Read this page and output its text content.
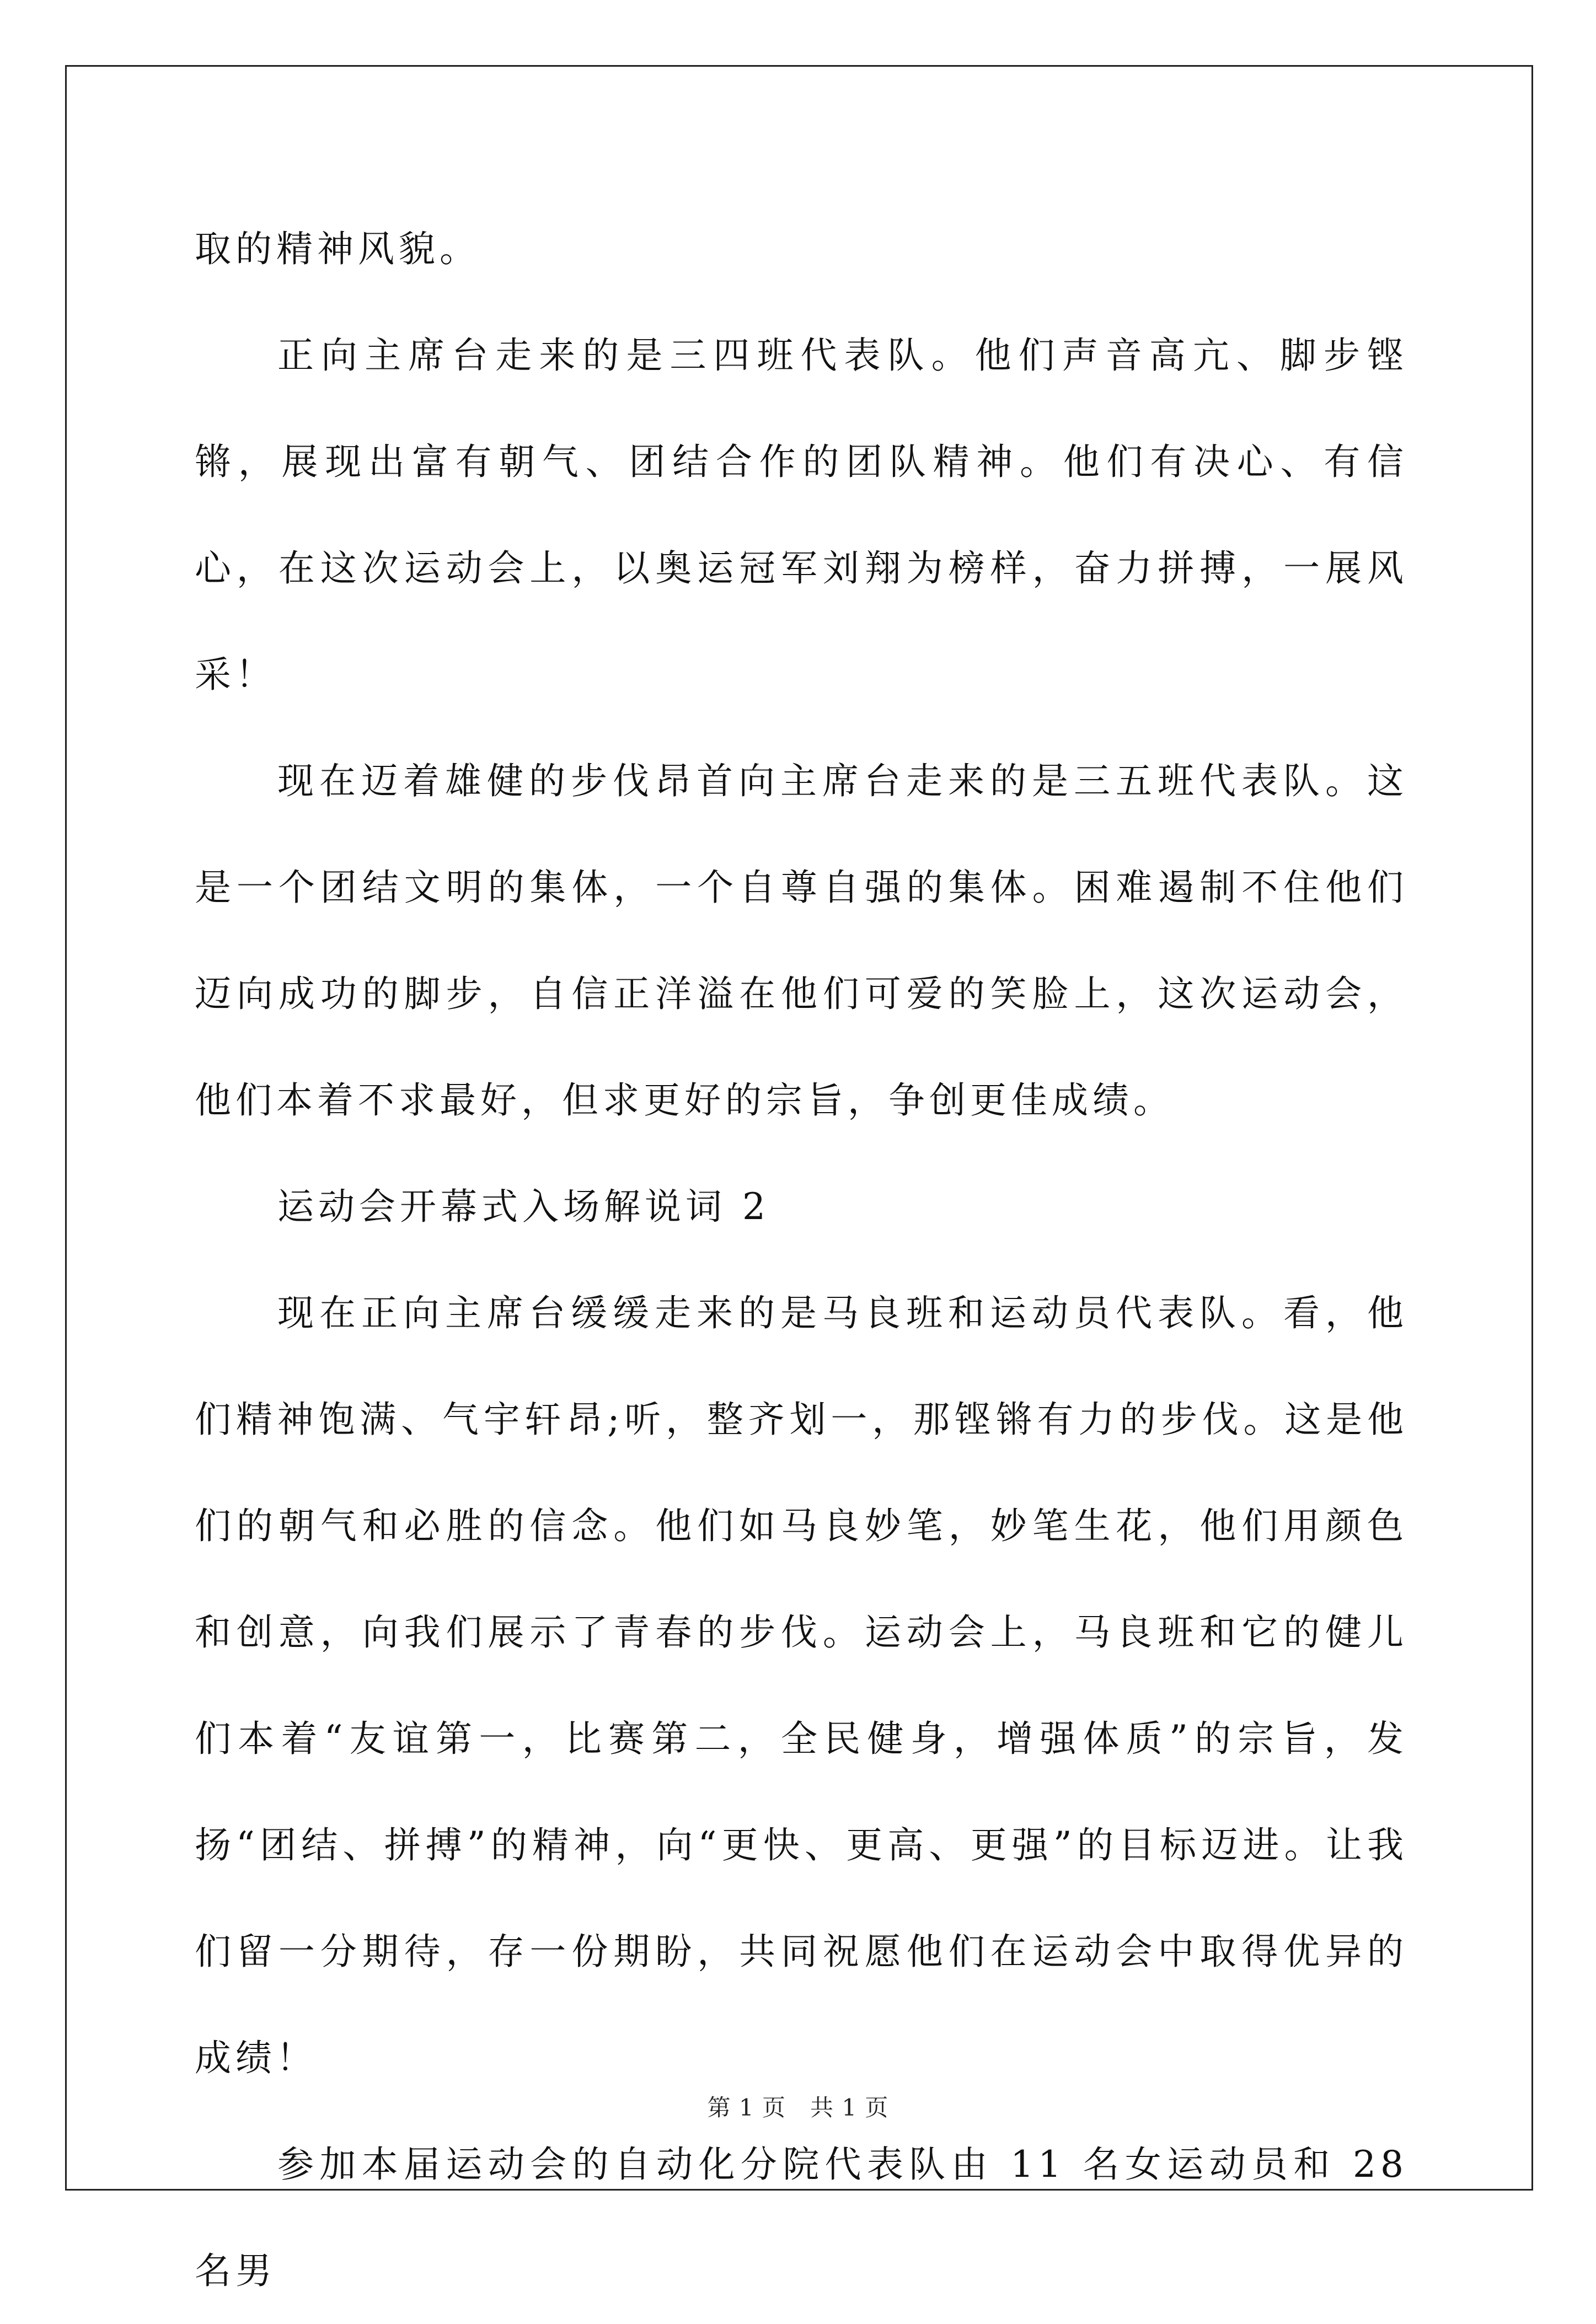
取的精神风貌。

正向主席台走来的是三四班代表队。他们声音高亢、脚步铿锵，展现出富有朝气、团结合作的团队精神。他们有决心、有信心，在这次运动会上，以奥运冠军刘翔为榜样，奋力拼搏，一展风采！

现在迈着雄健的步伐昂首向主席台走来的是三五班代表队。这是一个团结文明的集体，一个自尊自强的集体。困难遏制不住他们迈向成功的脚步，自信正洋溢在他们可爱的笑脸上，这次运动会，他们本着不求最好，但求更好的宗旨，争创更佳成绩。

运动会开幕式入场解说词 2

现在正向主席台缓缓走来的是马良班和运动员代表队。看，他们精神饱满、气宇轩昂;听，整齐划一，那铿锵有力的步伐。这是他们的朝气和必胜的信念。他们如马良妙笔，妙笔生花，他们用颜色和创意，向我们展示了青春的步伐。运动会上，马良班和它的健儿们本着“友谊第一，比赛第二，全民健身，增强体质”的宗旨，发扬“团结、拼搏”的精神，向“更快、更高、更强”的目标迈进。让我们留一分期待，存一份期盼，共同祝愿他们在运动会中取得优异的成绩！

参加本届运动会的自动化分院代表队由 11 名女运动员和 28 名男

第 1 页 共 1 页
